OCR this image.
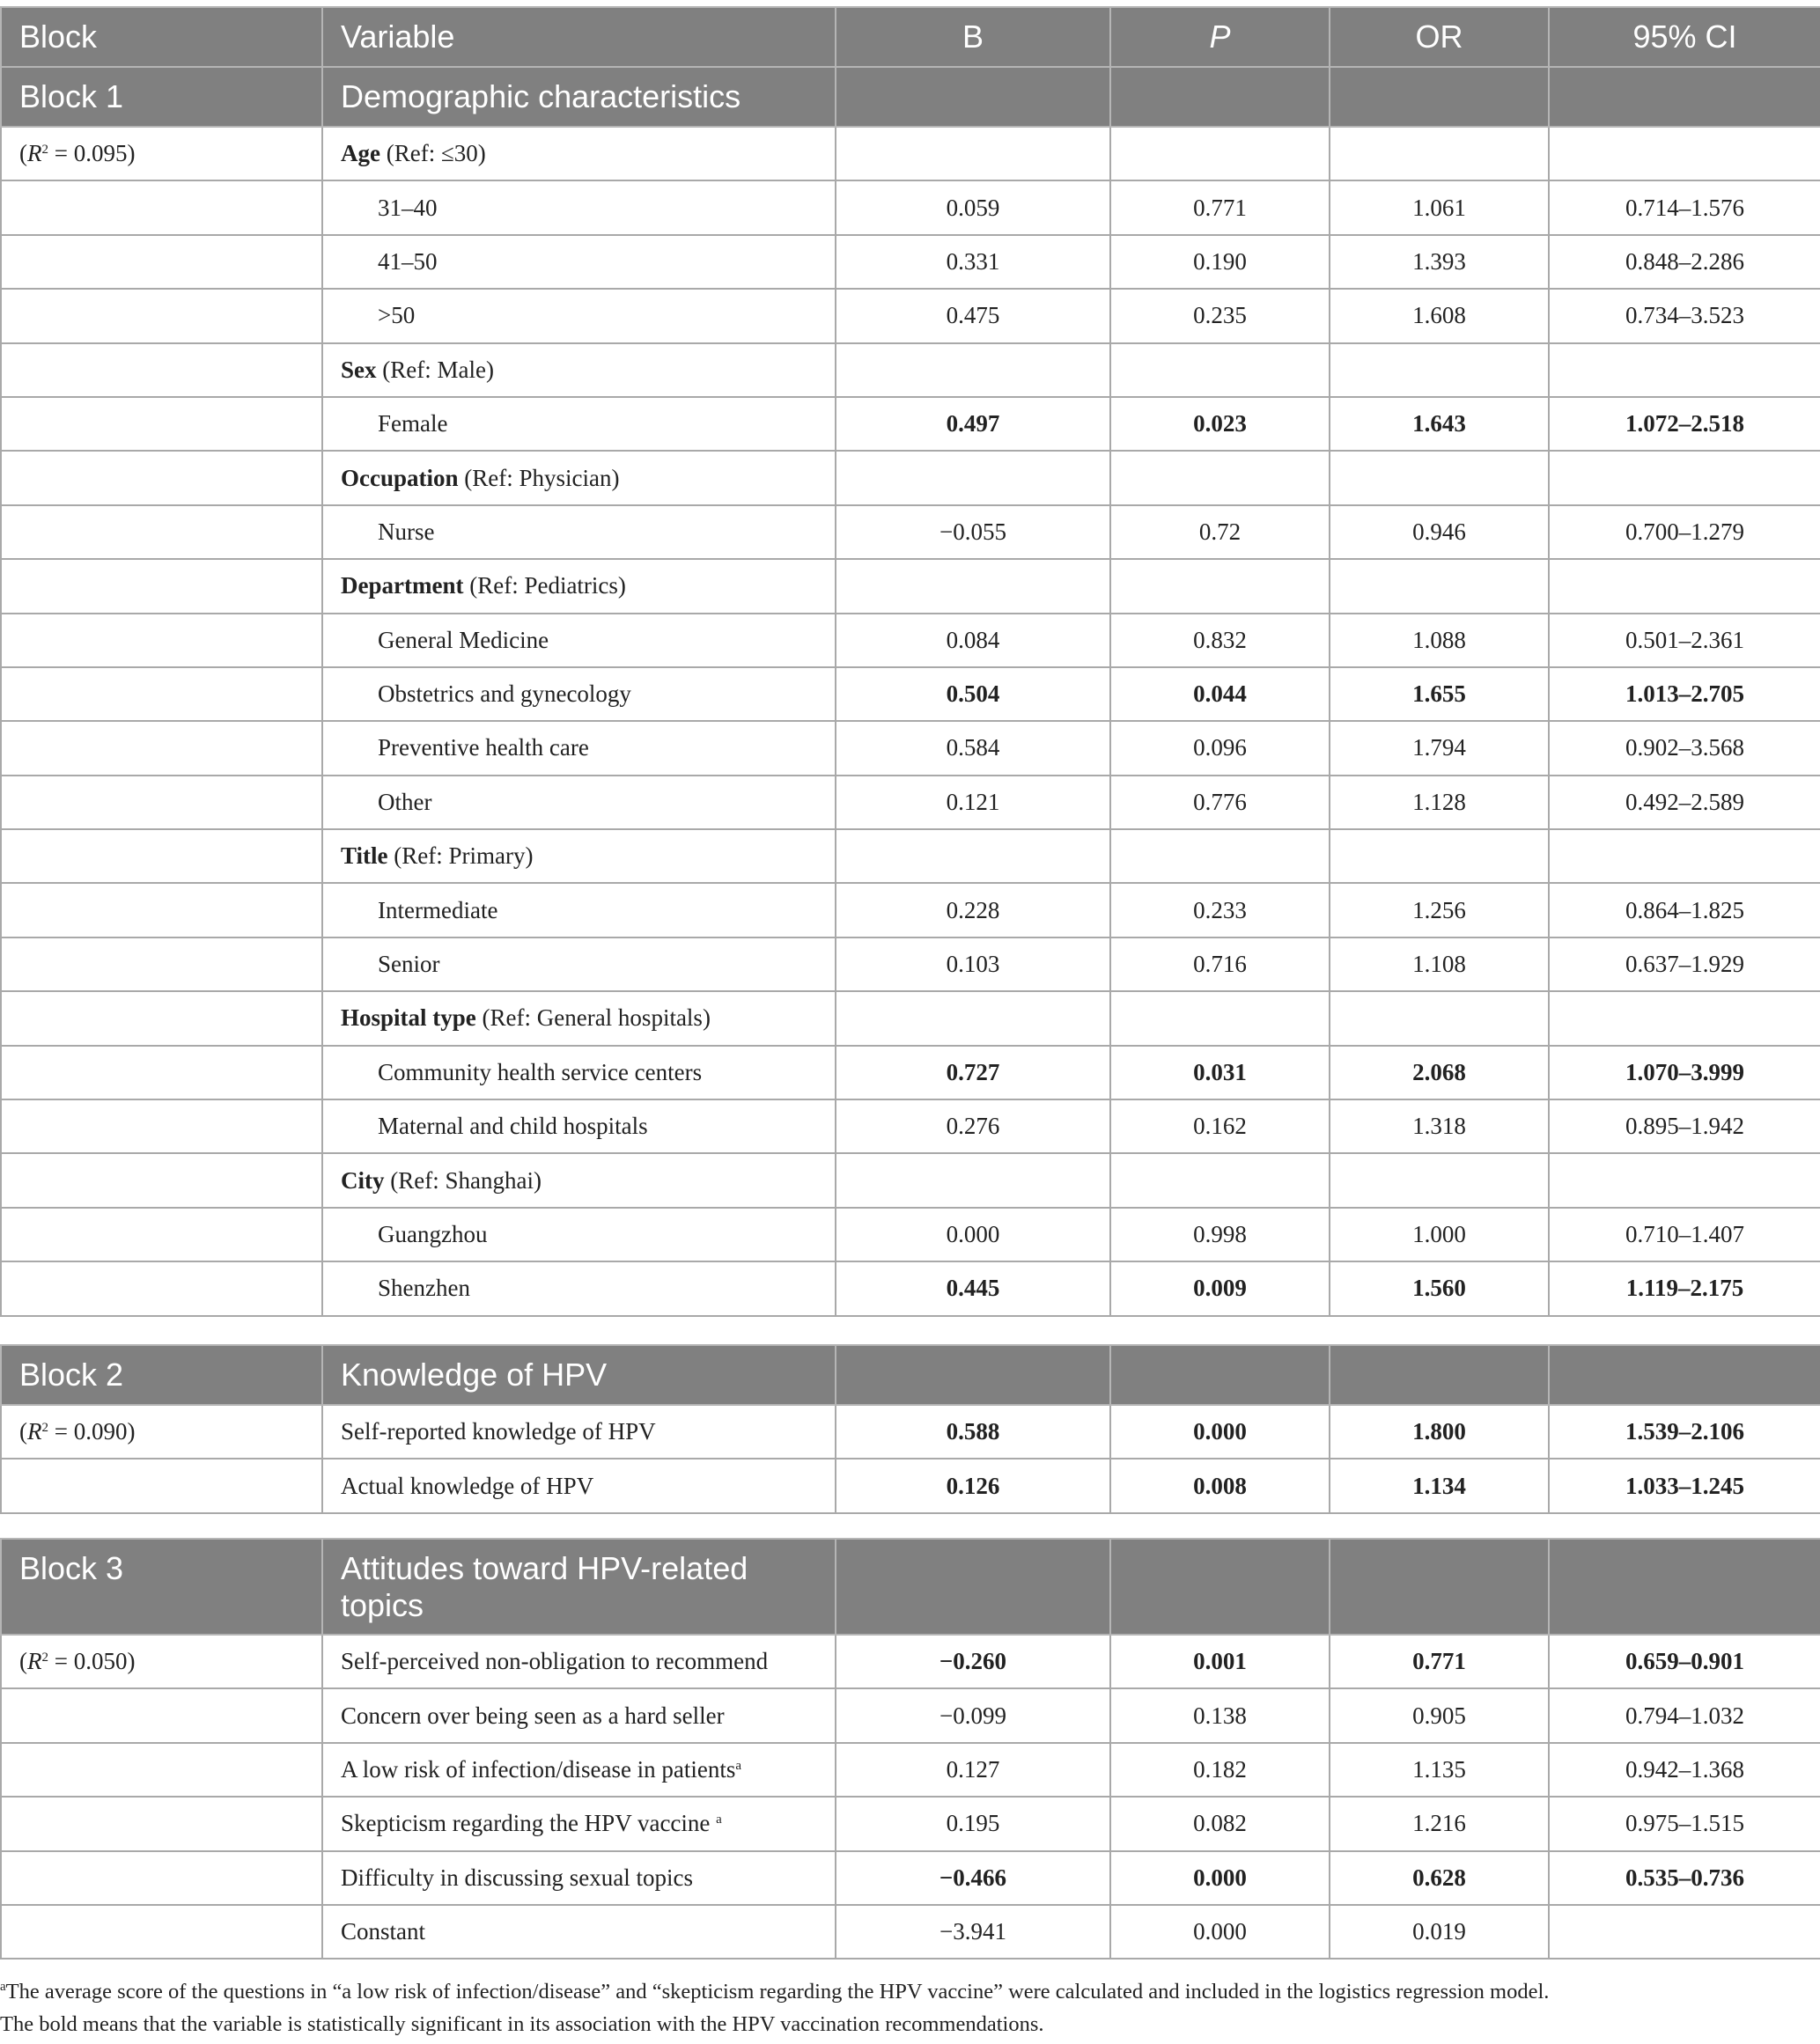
Block	Variable	B	P	OR	95% CI
Block 1	Demographic characteristics				
$(R^2 = 0.095)$	Age (Ref: ≤30)				
	31–40	0.059	0.771	1.061	0.714–1.576
	41–50	0.331	0.190	1.393	0.848–2.286
	>50	0.475	0.235	1.608	0.734–3.523
	Sex (Ref: Male)				
	Female	0.497	0.023	1.643	1.072–2.518
	Occupation (Ref: Physician)				
	Nurse	−0.055	0.72	0.946	0.700–1.279
	Department (Ref: Pediatrics)				
	General Medicine	0.084	0.832	1.088	0.501–2.361
	Obstetrics and gynecology	0.504	0.044	1.655	1.013–2.705
	Preventive health care	0.584	0.096	1.794	0.902–3.568
	Other	0.121	0.776	1.128	0.492–2.589
	Title (Ref: Primary)				
	Intermediate	0.228	0.233	1.256	0.864–1.825
	Senior	0.103	0.716	1.108	0.637–1.929
	Hospital type (Ref: General hospitals)				
	Community health service centers	0.727	0.031	2.068	1.070–3.999
	Maternal and child hospitals	0.276	0.162	1.318	0.895–1.942
	City (Ref: Shanghai)				
	Guangzhou	0.000	0.998	1.000	0.710–1.407
	Shenzhen	0.445	0.009	1.560	1.119–2.175
Block 2	Knowledge of HPV				
$(R^2 = 0.090)$	Self-reported knowledge of HPV	0.588	0.000	1.800	1.539–2.106
	Actual knowledge of HPV	0.126	0.008	1.134	1.033–1.245
Block 3	Attitudes toward HPV-related
topics				
$(R^2 = 0.050)$	Self-perceived non-obligation to recommend	−0.260	0.001	0.771	0.659–0.901
	Concern over being seen as a hard seller	−0.099	0.138	0.905	0.794–1.032
	A low risk of infection/disease in patients$^a$	0.127	0.182	1.135	0.942–1.368
	Skepticism regarding the HPV vaccine $^a$	0.195	0.082	1.216	0.975–1.515
	Difficulty in discussing sexual topics	−0.466	0.000	0.628	0.535–0.736
	Constant	−3.941	0.000	0.019	
$^a$The average score of the questions in “a low risk of infection/disease” and “skepticism regarding the HPV vaccine” were calculated and included in the logistics regression model.
The bold means that the variable is statistically significant in its association with the HPV vaccination recommendations.
